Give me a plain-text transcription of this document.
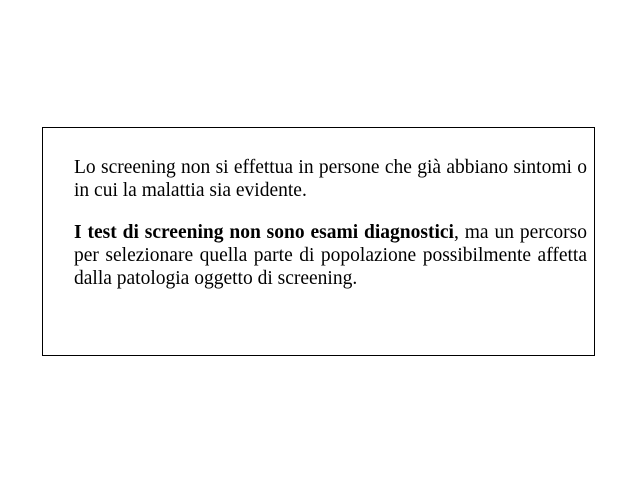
Lo screening non si effettua in persone che già abbiano sintomi o in cui la malattia sia evidente.

I test di screening non sono esami diagnostici, ma un percorso per selezionare quella parte di popolazione possibilmente affetta dalla patologia oggetto di screening.
